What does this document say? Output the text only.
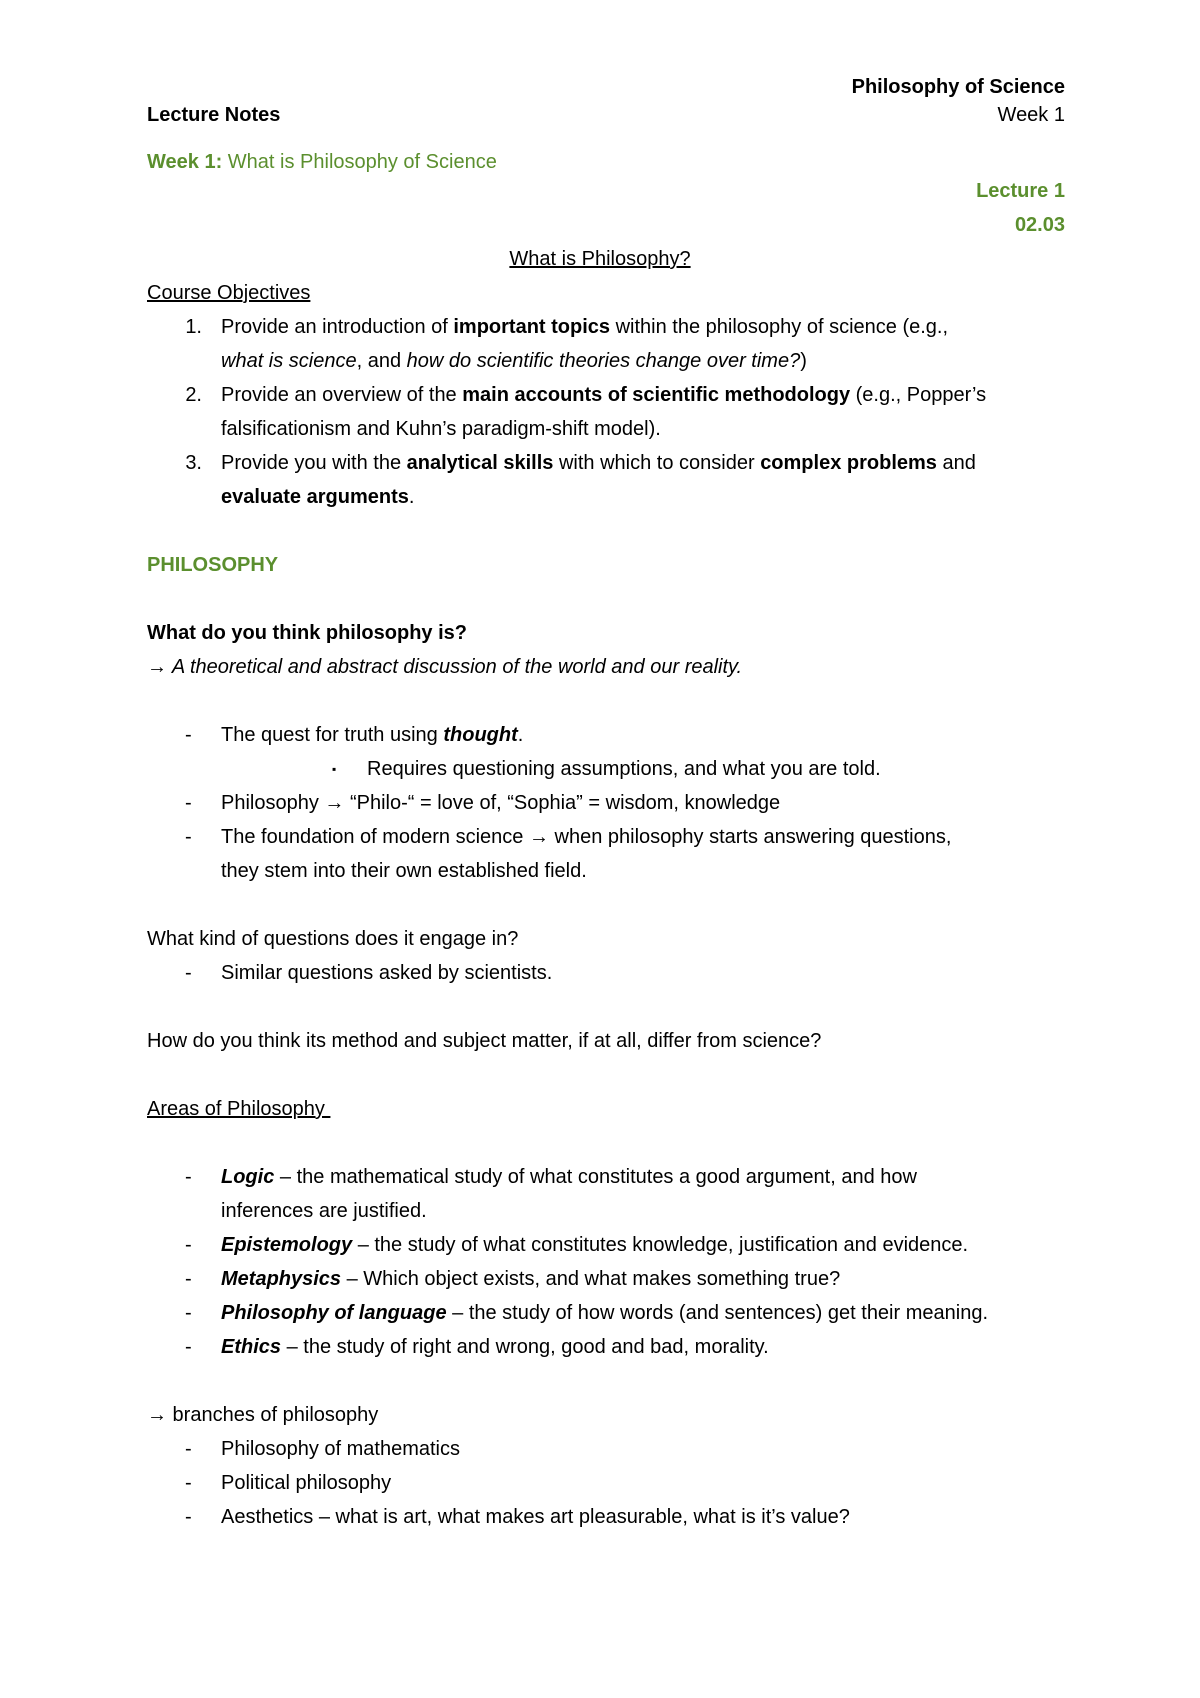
Philosophy of Science
Lecture Notes	Week 1
Week 1: What is Philosophy of Science
Lecture 1
02.03
What is Philosophy?
Course Objectives
1. Provide an introduction of important topics within the philosophy of science (e.g.,
what is science, and how do scientific theories change over time?)
2. Provide an overview of the main accounts of scientific methodology (e.g., Popper’s
falsificationism and Kuhn’s paradigm-shift model).
3. Provide you with the analytical skills with which to consider complex problems and
evaluate arguments.
PHILOSOPHY
What do you think philosophy is?
→ A theoretical and abstract discussion of the world and our reality.
- The quest for truth using thought.
▪ Requires questioning assumptions, and what you are told.
- Philosophy → “Philo-“ = love of, “Sophia” = wisdom, knowledge
- The foundation of modern science → when philosophy starts answering questions,
they stem into their own established field.
What kind of questions does it engage in?
- Similar questions asked by scientists.
How do you think its method and subject matter, if at all, differ from science?
Areas of Philosophy
- Logic – the mathematical study of what constitutes a good argument, and how
inferences are justified.
- Epistemology – the study of what constitutes knowledge, justification and evidence.
- Metaphysics – Which object exists, and what makes something true?
- Philosophy of language – the study of how words (and sentences) get their meaning.
- Ethics – the study of right and wrong, good and bad, morality.
→ branches of philosophy
- Philosophy of mathematics
- Political philosophy
- Aesthetics – what is art, what makes art pleasurable, what is it’s value?
